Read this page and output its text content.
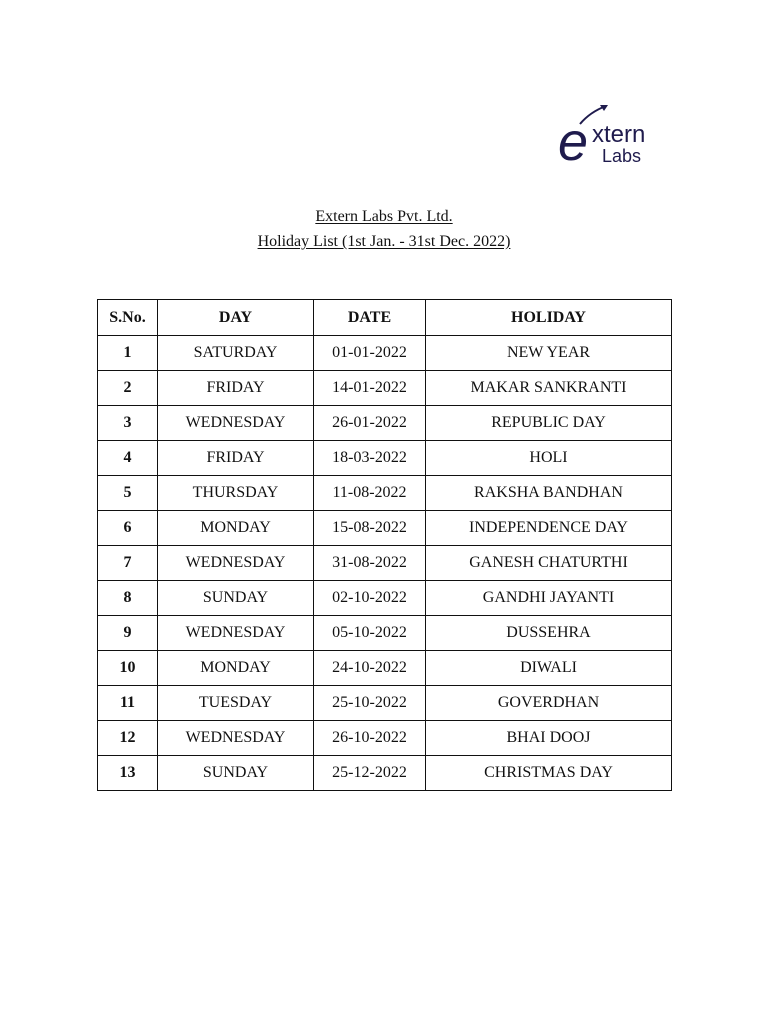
e xtern
Labs
Extern Labs Pvt. Ltd.
Holiday List (1st Jan. - 31st Dec. 2022)
S.No.	DAY	DATE	HOLIDAY
1	SATURDAY	01-01-2022	NEW YEAR
2	FRIDAY	14-01-2022	MAKAR SANKRANTI
3	WEDNESDAY	26-01-2022	REPUBLIC DAY
4	FRIDAY	18-03-2022	HOLI
5	THURSDAY	11-08-2022	RAKSHA BANDHAN
6	MONDAY	15-08-2022	INDEPENDENCE DAY
7	WEDNESDAY	31-08-2022	GANESH CHATURTHI
8	SUNDAY	02-10-2022	GANDHI JAYANTI
9	WEDNESDAY	05-10-2022	DUSSEHRA
10	MONDAY	24-10-2022	DIWALI
11	TUESDAY	25-10-2022	GOVERDHAN
12	WEDNESDAY	26-10-2022	BHAI DOOJ
13	SUNDAY	25-12-2022	CHRISTMAS DAY
